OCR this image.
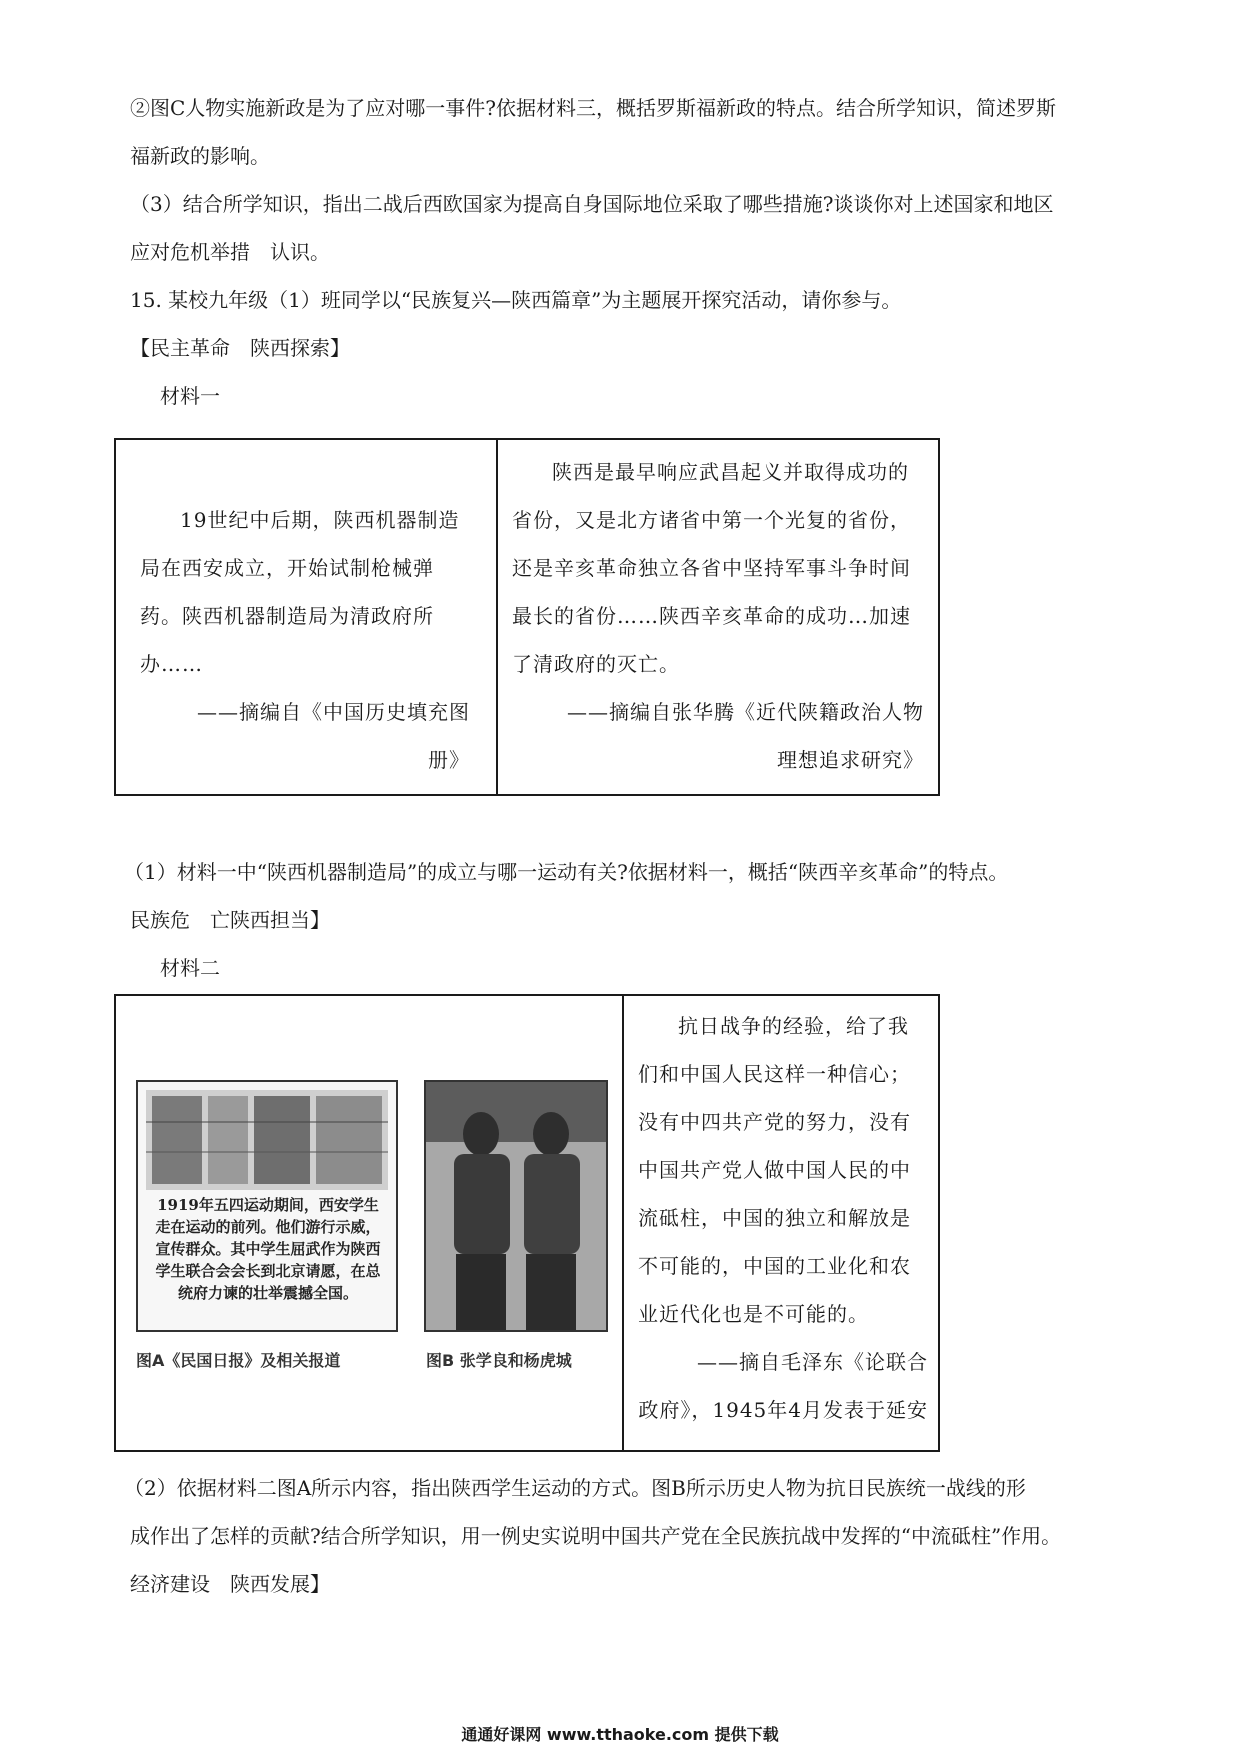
②图C人物实施新政是为了应对哪一事件?依据材料三，概括罗斯福新政的特点。结合所学知识，简述罗斯
福新政的影响。
（3）结合所学知识，指出二战后西欧国家为提高自身国际地位采取了哪些措施?谈谈你对上述国家和地区
应对危机举措　认识。
15. 某校九年级（1）班同学以“民族复兴—陕西篇章”为主题展开探究活动，请你参与。
【民主革命　陕西探索】
材料一

19世纪中后期，陕西机器制造局在西安成立，开始试制枪械弹药。陕西机器制造局为清政府所办……

——摘编自《中国历史填充图

册》

陕西是最早响应武昌起义并取得成功的省份，又是北方诸省中第一个光复的省份，还是辛亥革命独立各省中坚持军事斗争时间最长的省份……陕西辛亥革命的成功…加速了清政府的灭亡。

——摘编自张华腾《近代陕籍政治人物

理想追求研究》

（1）材料一中“陕西机器制造局”的成立与哪一运动有关?依据材料一，概括“陕西辛亥革命”的特点。
民族危　亡陕西担当】
材料二
1919年五四运动期间，西安学生走在运动的前列。他们游行示威，宣传群众。其中学生屈武作为陕西学生联合会会长到北京请愿，在总统府力谏的壮举震撼全国。
图A《民国日报》及相关报道	图B 张学良和杨虎城

抗日战争的经验，给了我们和中国人民这样一种信心；没有中四共产党的努力，没有中国共产党人做中国人民的中流砥柱，中国的独立和解放是不可能的，中国的工业化和农业近代化也是不可能的。

——摘自毛泽东《论联合

政府》，1945年4月发表于延安

（2）依据材料二图A所示内容，指出陕西学生运动的方式。图B所示历史人物为抗日民族统一战线的形
成作出了怎样的贡献?结合所学知识，用一例史实说明中国共产党在全民族抗战中发挥的“中流砥柱”作用。
经济建设　陕西发展】
通通好课网 www.tthaoke.com 提供下载
